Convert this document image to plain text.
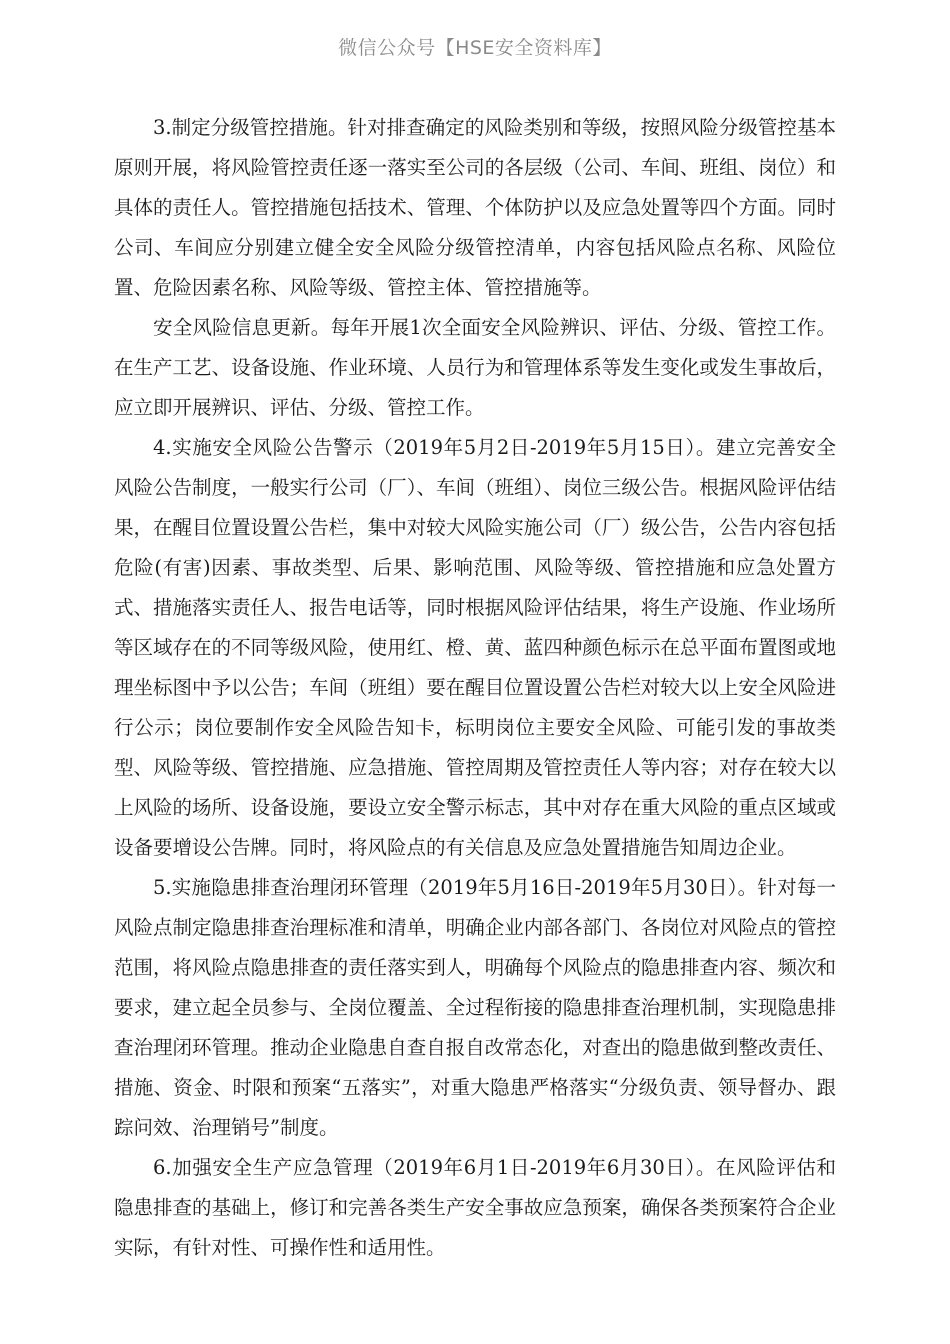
微信公众号【HSE安全资料库】

3.制定分级管控措施。针对排查确定的风险类别和等级，按照风险分级管控基本原则开展，将风险管控责任逐一落实至公司的各层级（公司、车间、班组、岗位）和具体的责任人。管控措施包括技术、管理、个体防护以及应急处置等四个方面。同时公司、车间应分别建立健全安全风险分级管控清单，内容包括风险点名称、风险位置、危险因素名称、风险等级、管控主体、管控措施等。

安全风险信息更新。每年开展1次全面安全风险辨识、评估、分级、管控工作。在生产工艺、设备设施、作业环境、人员行为和管理体系等发生变化或发生事故后，应立即开展辨识、评估、分级、管控工作。

4.实施安全风险公告警示（2019年5月2日-2019年5月15日）。建立完善安全风险公告制度，一般实行公司（厂）、车间（班组）、岗位三级公告。根据风险评估结果，在醒目位置设置公告栏，集中对较大风险实施公司（厂）级公告，公告内容包括危险(有害)因素、事故类型、后果、影响范围、风险等级、管控措施和应急处置方式、措施落实责任人、报告电话等，同时根据风险评估结果，将生产设施、作业场所等区域存在的不同等级风险，使用红、橙、黄、蓝四种颜色标示在总平面布置图或地理坐标图中予以公告；车间（班组）要在醒目位置设置公告栏对较大以上安全风险进行公示；岗位要制作安全风险告知卡，标明岗位主要安全风险、可能引发的事故类型、风险等级、管控措施、应急措施、管控周期及管控责任人等内容；对存在较大以上风险的场所、设备设施，要设立安全警示标志，其中对存在重大风险的重点区域或设备要增设公告牌。同时，将风险点的有关信息及应急处置措施告知周边企业。

5.实施隐患排查治理闭环管理（2019年5月16日-2019年5月30日）。针对每一风险点制定隐患排查治理标准和清单，明确企业内部各部门、各岗位对风险点的管控范围，将风险点隐患排查的责任落实到人，明确每个风险点的隐患排查内容、频次和要求，建立起全员参与、全岗位覆盖、全过程衔接的隐患排查治理机制，实现隐患排查治理闭环管理。推动企业隐患自查自报自改常态化，对查出的隐患做到整改责任、措施、资金、时限和预案“五落实”，对重大隐患严格落实“分级负责、领导督办、跟踪问效、治理销号”制度。

6.加强安全生产应急管理（2019年6月1日-2019年6月30日）。在风险评估和隐患排查的基础上，修订和完善各类生产安全事故应急预案，确保各类预案符合企业实际，有针对性、可操作性和适用性。
